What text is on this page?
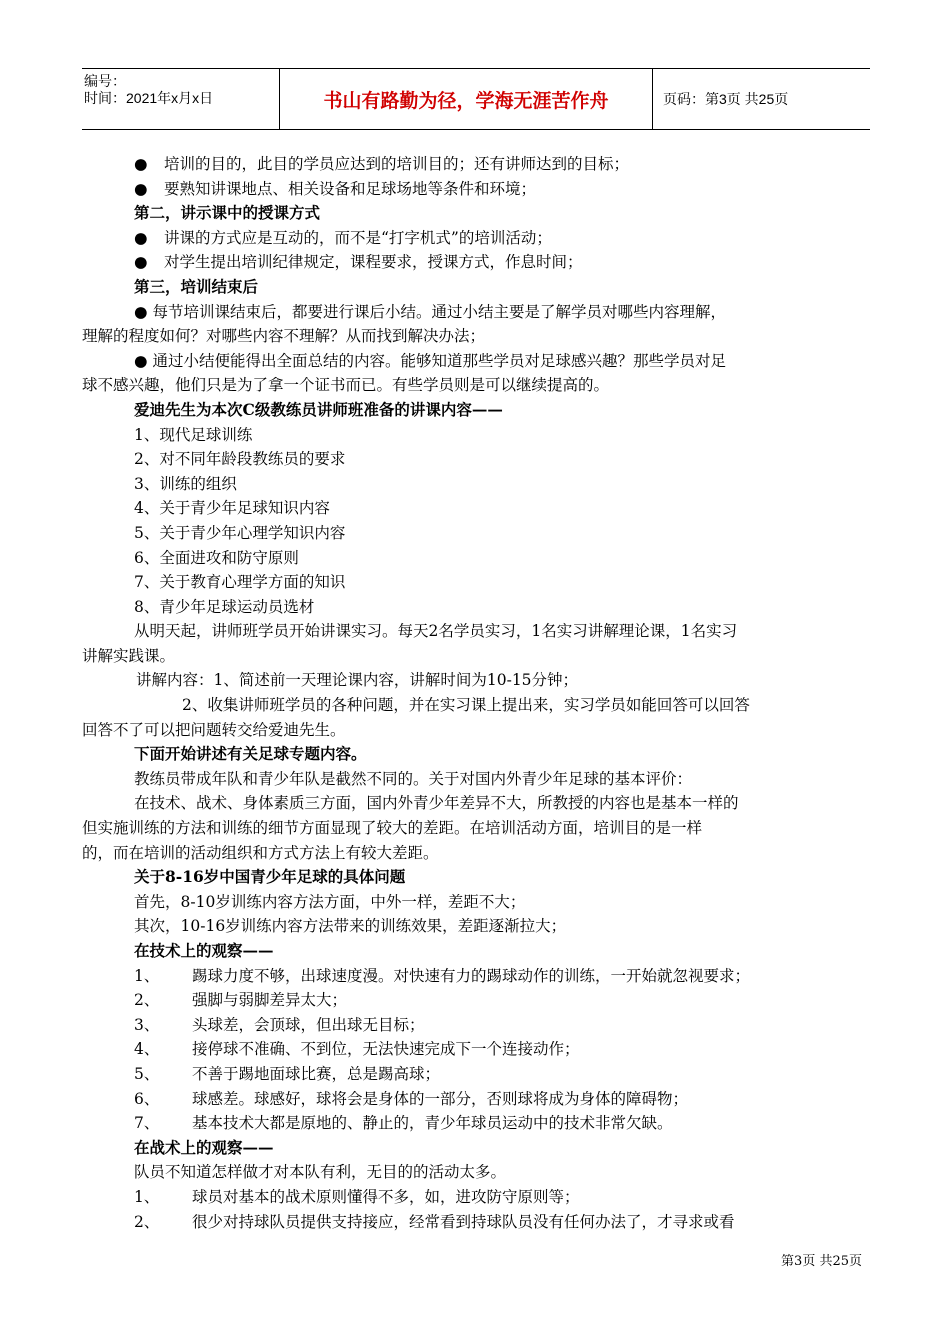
编号：
时间：2021年x月x日	书山有路勤为径，学海无涯苦作舟	页码：第3页 共25页
● 培训的目的，此目的学员应达到的培训目的；还有讲师达到的目标；
● 要熟知讲课地点、相关设备和足球场地等条件和环境；
第二，讲示课中的授课方式
● 讲课的方式应是互动的，而不是“打字机式”的培训活动；
● 对学生提出培训纪律规定，课程要求，授课方式，作息时间；
第三，培训结束后
● 每节培训课结束后，都要进行课后小结。通过小结主要是了解学员对哪些内容理解，
理解的程度如何？对哪些内容不理解？从而找到解决办法；
● 通过小结便能得出全面总结的内容。能够知道那些学员对足球感兴趣？那些学员对足
球不感兴趣，他们只是为了拿一个证书而已。有些学员则是可以继续提高的。
爱迪先生为本次C级教练员讲师班准备的讲课内容——
1、现代足球训练
2、对不同年龄段教练员的要求
3、训练的组织
4、关于青少年足球知识内容
5、关于青少年心理学知识内容
6、全面进攻和防守原则
7、关于教育心理学方面的知识
8、青少年足球运动员选材
从明天起，讲师班学员开始讲课实习。每天2名学员实习，1名实习讲解理论课，1名实习
讲解实践课。
讲解内容：1、简述前一天理论课内容，讲解时间为10-15分钟；
2、收集讲师班学员的各种问题，并在实习课上提出来，实习学员如能回答可以回答
回答不了可以把问题转交给爱迪先生。
下面开始讲述有关足球专题内容。
教练员带成年队和青少年队是截然不同的。关于对国内外青少年足球的基本评价：
在技术、战术、身体素质三方面，国内外青少年差异不大，所教授的内容也是基本一样的
但实施训练的方法和训练的细节方面显现了较大的差距。在培训活动方面，培训目的是一样
的，而在培训的活动组织和方式方法上有较大差距。
关于8-16岁中国青少年足球的具体问题
首先，8-10岁训练内容方法方面，中外一样，差距不大；
其次，10-16岁训练内容方法带来的训练效果，差距逐渐拉大；
在技术上的观察——
1、 踢球力度不够，出球速度漫。对快速有力的踢球动作的训练，一开始就忽视要求；
2、 强脚与弱脚差异太大；
3、 头球差，会顶球，但出球无目标；
4、 接停球不准确、不到位，无法快速完成下一个连接动作；
5、 不善于踢地面球比赛，总是踢高球；
6、 球感差。球感好，球将会是身体的一部分，否则球将成为身体的障碍物；
7、 基本技术大都是原地的、静止的，青少年球员运动中的技术非常欠缺。
在战术上的观察——
队员不知道怎样做才对本队有利，无目的的活动太多。
1、 球员对基本的战术原则懂得不多，如，进攻防守原则等；
2、 很少对持球队员提供支持接应，经常看到持球队员没有任何办法了，才寻求或看
第3页 共25页
